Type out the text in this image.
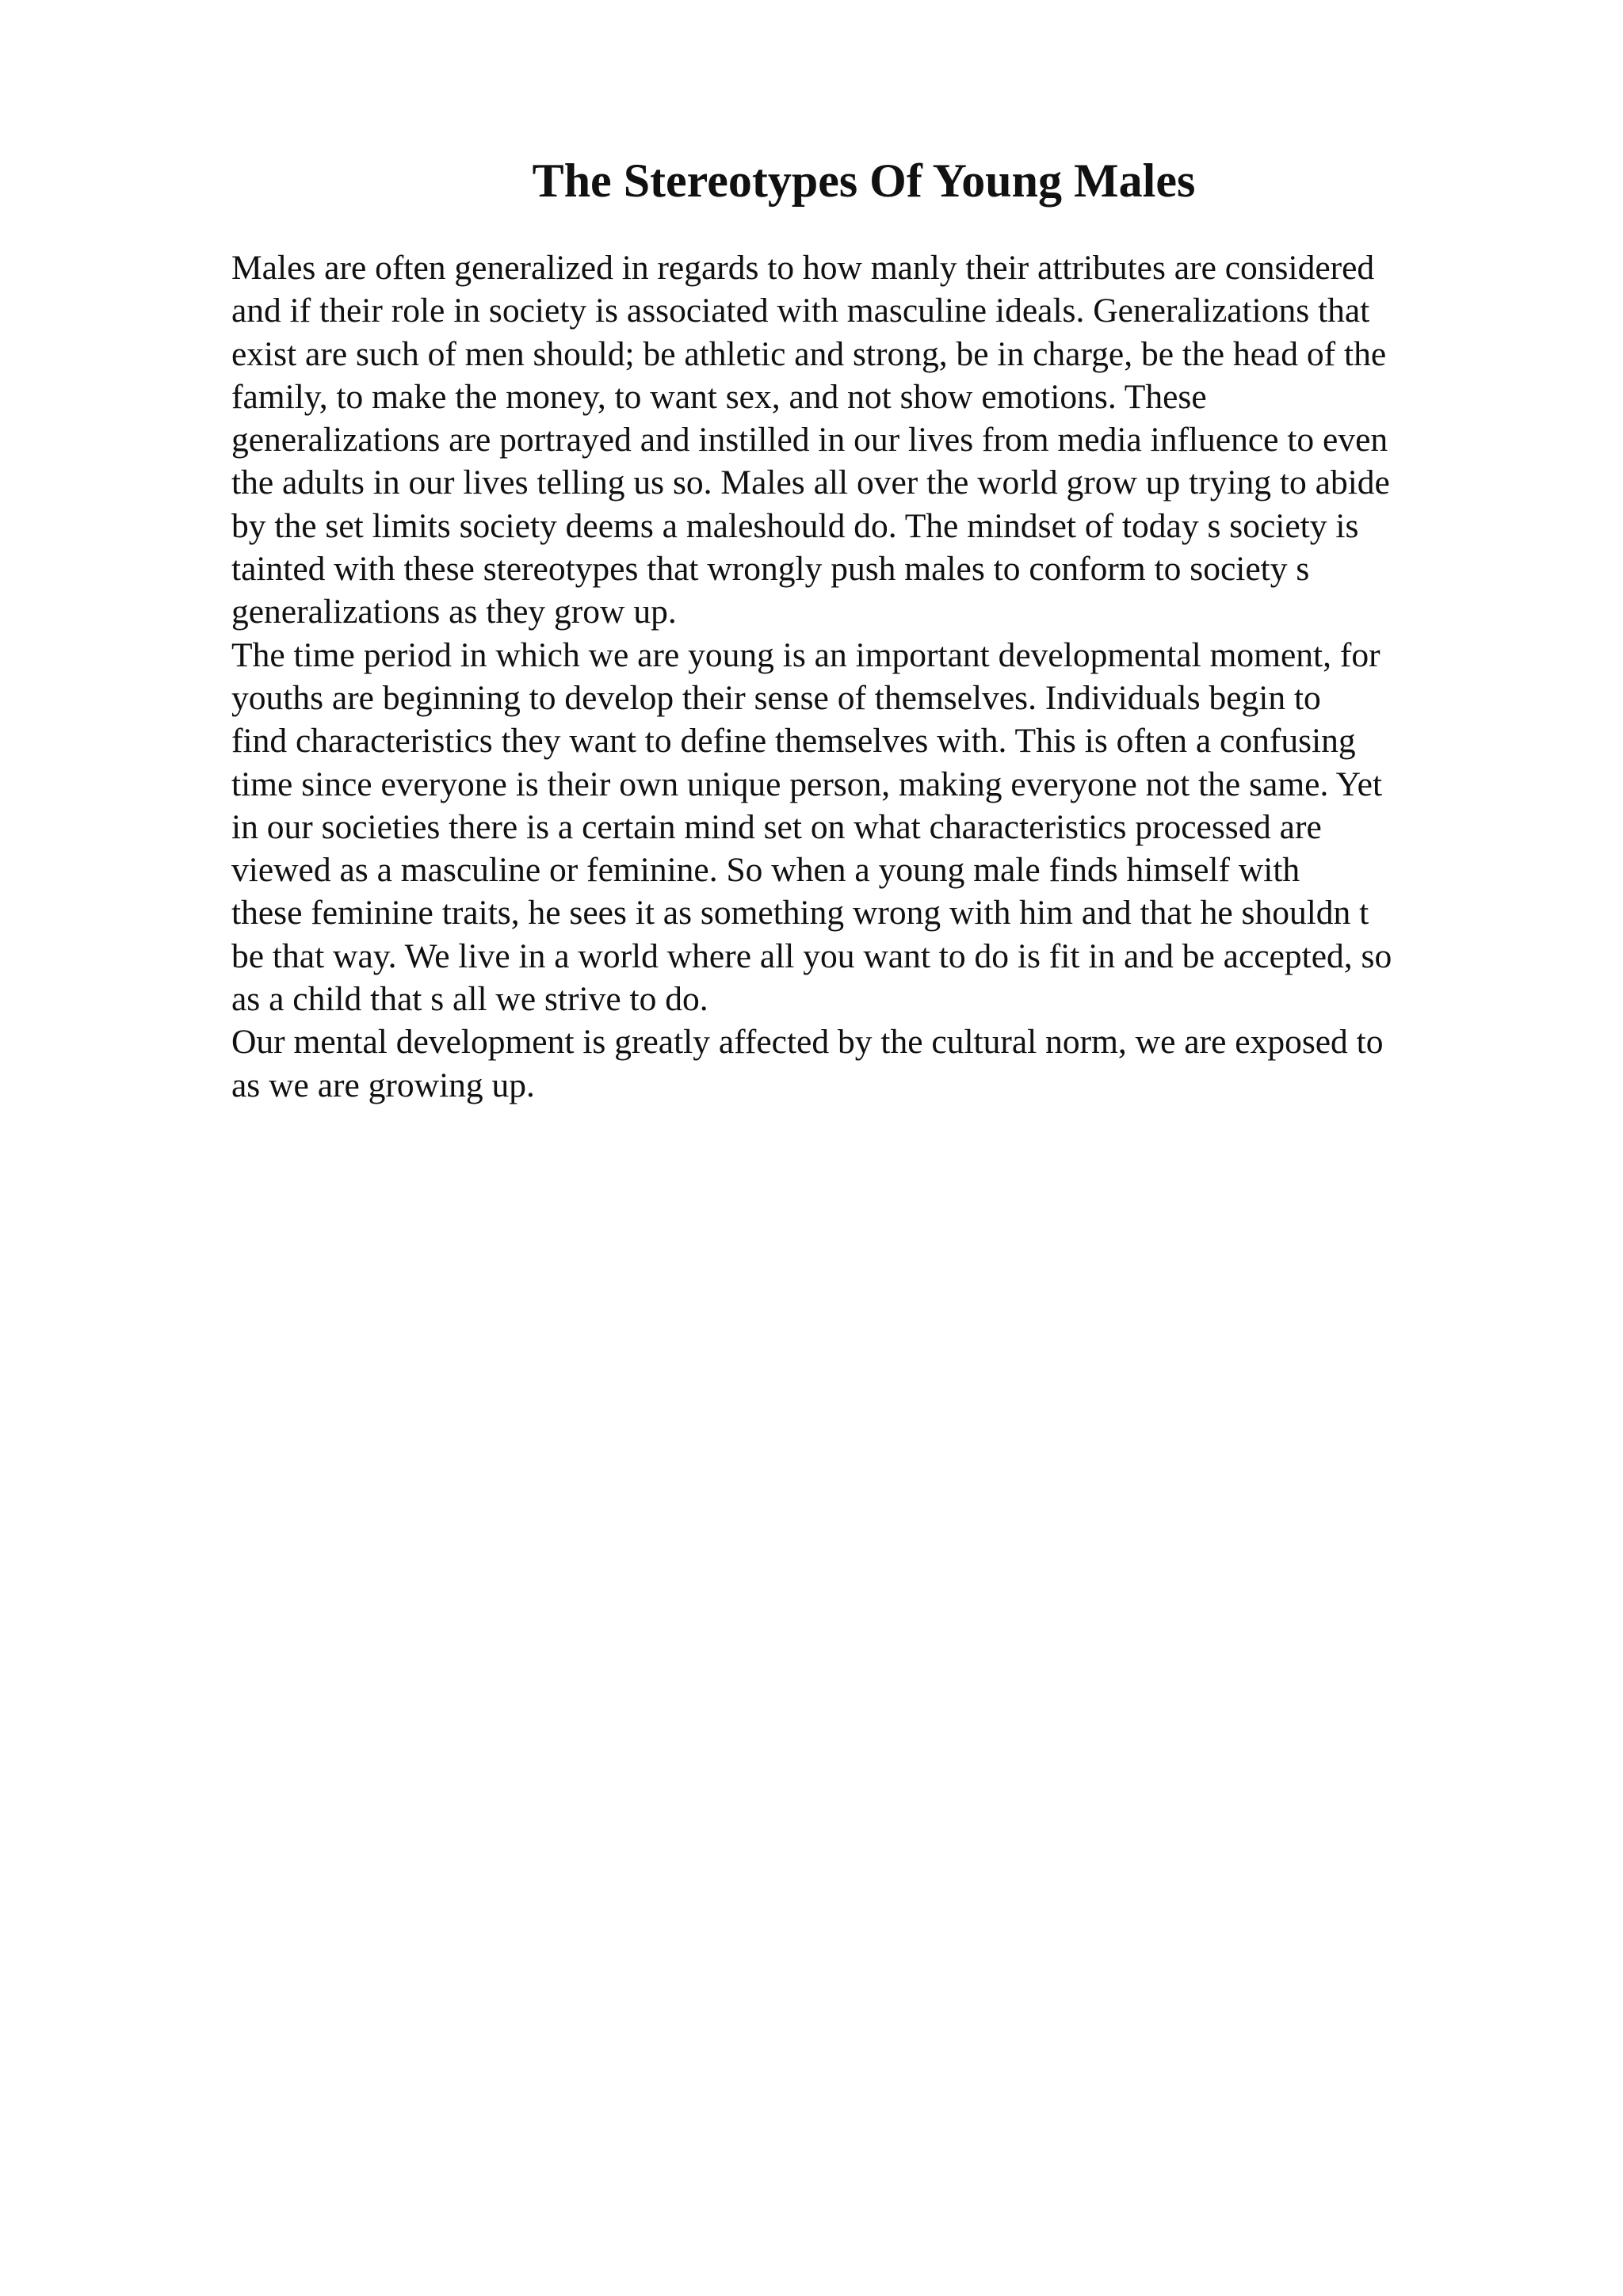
The Stereotypes Of Young Males
Males are often generalized in regards to how manly their attributes are considered
and if their role in society is associated with masculine ideals. Generalizations that
exist are such of men should; be athletic and strong, be in charge, be the head of the
family, to make the money, to want sex, and not show emotions. These
generalizations are portrayed and instilled in our lives from media influence to even
the adults in our lives telling us so. Males all over the world grow up trying to abide
by the set limits society deems a maleshould do. The mindset of today s society is
tainted with these stereotypes that wrongly push males to conform to society s
generalizations as they grow up.
The time period in which we are young is an important developmental moment, for
youths are beginning to develop their sense of themselves. Individuals begin to
find characteristics they want to define themselves with. This is often a confusing
time since everyone is their own unique person, making everyone not the same. Yet
in our societies there is a certain mind set on what characteristics processed are
viewed as a masculine or feminine. So when a young male finds himself with
these feminine traits, he sees it as something wrong with him and that he shouldn t
be that way. We live in a world where all you want to do is fit in and be accepted, so
as a child that s all we strive to do.
Our mental development is greatly affected by the cultural norm, we are exposed to
as we are growing up.
